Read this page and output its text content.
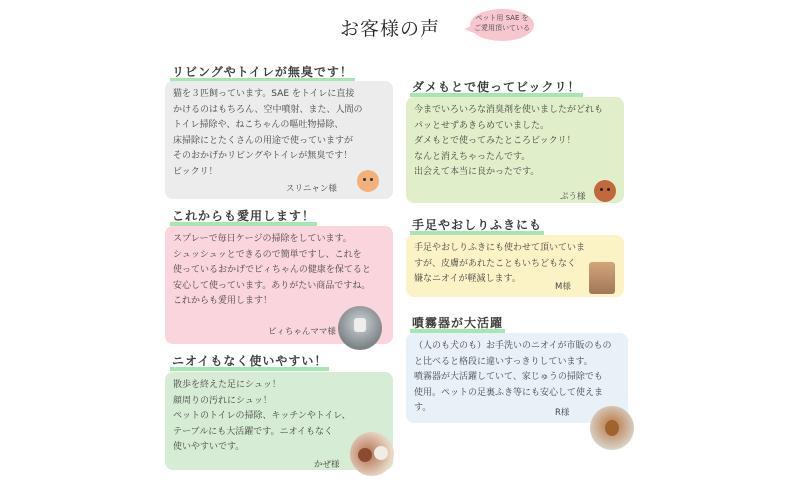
お客様の声	ペット用 SAE を
ご愛用頂いている
リビングやトイレが無臭です！
猫を３匹飼っています。SAE をトイレに直接
かけるのはもちろん、空中噴射、また、人間の
トイレ掃除や、ねこちゃんの嘔吐物掃除、
床掃除にとたくさんの用途で使っていますが
そのおかげかリビングやトイレが無臭です！
ビックリ！
スリニャン様
これからも愛用します！
スプレーで毎日ケージの掃除をしています。
シュッシュッとできるので簡単ですし、これを
使っているおかげでピィちゃんの健康を保てると
安心して使っています。ありがたい商品ですね。
これからも愛用します！
ピィちゃんママ様
ニオイもなく使いやすい！
散歩を終えた足にシュッ！
顔周りの汚れにシュッ！
ペットのトイレの掃除、キッチンやトイレ、
テーブルにも大活躍です。ニオイもなく
使いやすいです。
かぜ様
ダメもとで使ってビックリ！
今までいろいろな消臭剤を使いましたがどれも
パッとせずあきらめていました。
ダメもとで使ってみたところビックリ！
なんと消えちゃったんです。
出会えて本当に良かったです。
ぷう様
手足やおしりふきにも
手足やおしりふきにも使わせて頂いていま
すが、皮膚があれたこともいちどもなく
嫌なニオイが軽減します。
M様
噴霧器が大活躍
（人のも犬のも）お手洗いのニオイが市販のもの
と比べると格段に違いすっきりしています。
噴霧器が大活躍していて、家じゅうの掃除でも
使用。ペットの足裏ふき等にも安心して使えます。	R様
